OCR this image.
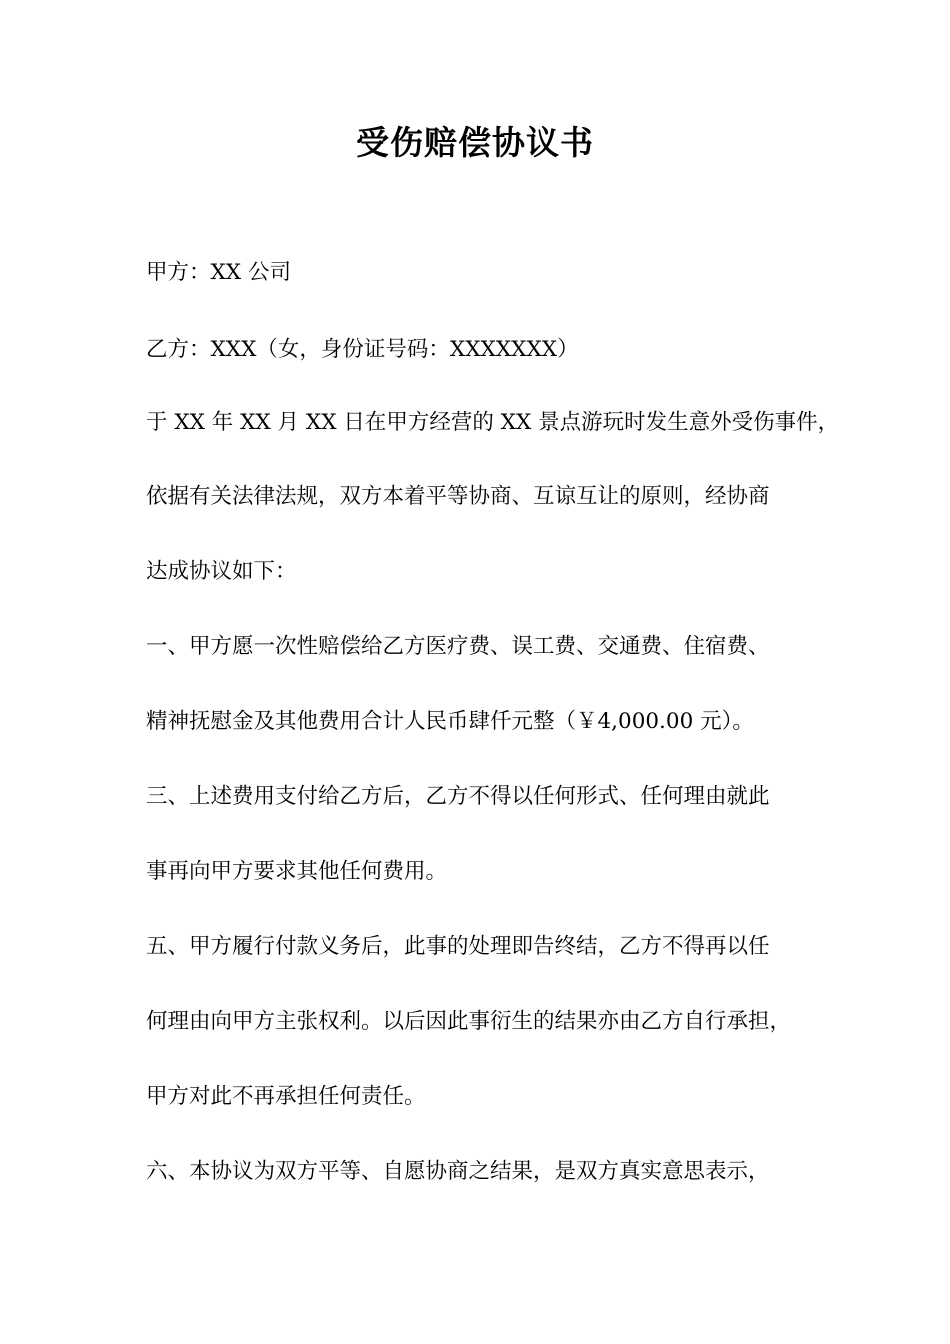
受伤赔偿协议书
甲方：XX 公司
乙方：XXX（女，身份证号码：XXXXXXX）
于 XX 年 XX 月 XX 日在甲方经营的 XX 景点游玩时发生意外受伤事件，
依据有关法律法规，双方本着平等协商、互谅互让的原则，经协商
达成协议如下：
一、甲方愿一次性赔偿给乙方医疗费、误工费、交通费、住宿费、
精神抚慰金及其他费用合计人民币肆仟元整（￥4,000.00 元）。
三、上述费用支付给乙方后，乙方不得以任何形式、任何理由就此
事再向甲方要求其他任何费用。
五、甲方履行付款义务后，此事的处理即告终结，乙方不得再以任
何理由向甲方主张权利。以后因此事衍生的结果亦由乙方自行承担，
甲方对此不再承担任何责任。
六、本协议为双方平等、自愿协商之结果，是双方真实意思表示，
